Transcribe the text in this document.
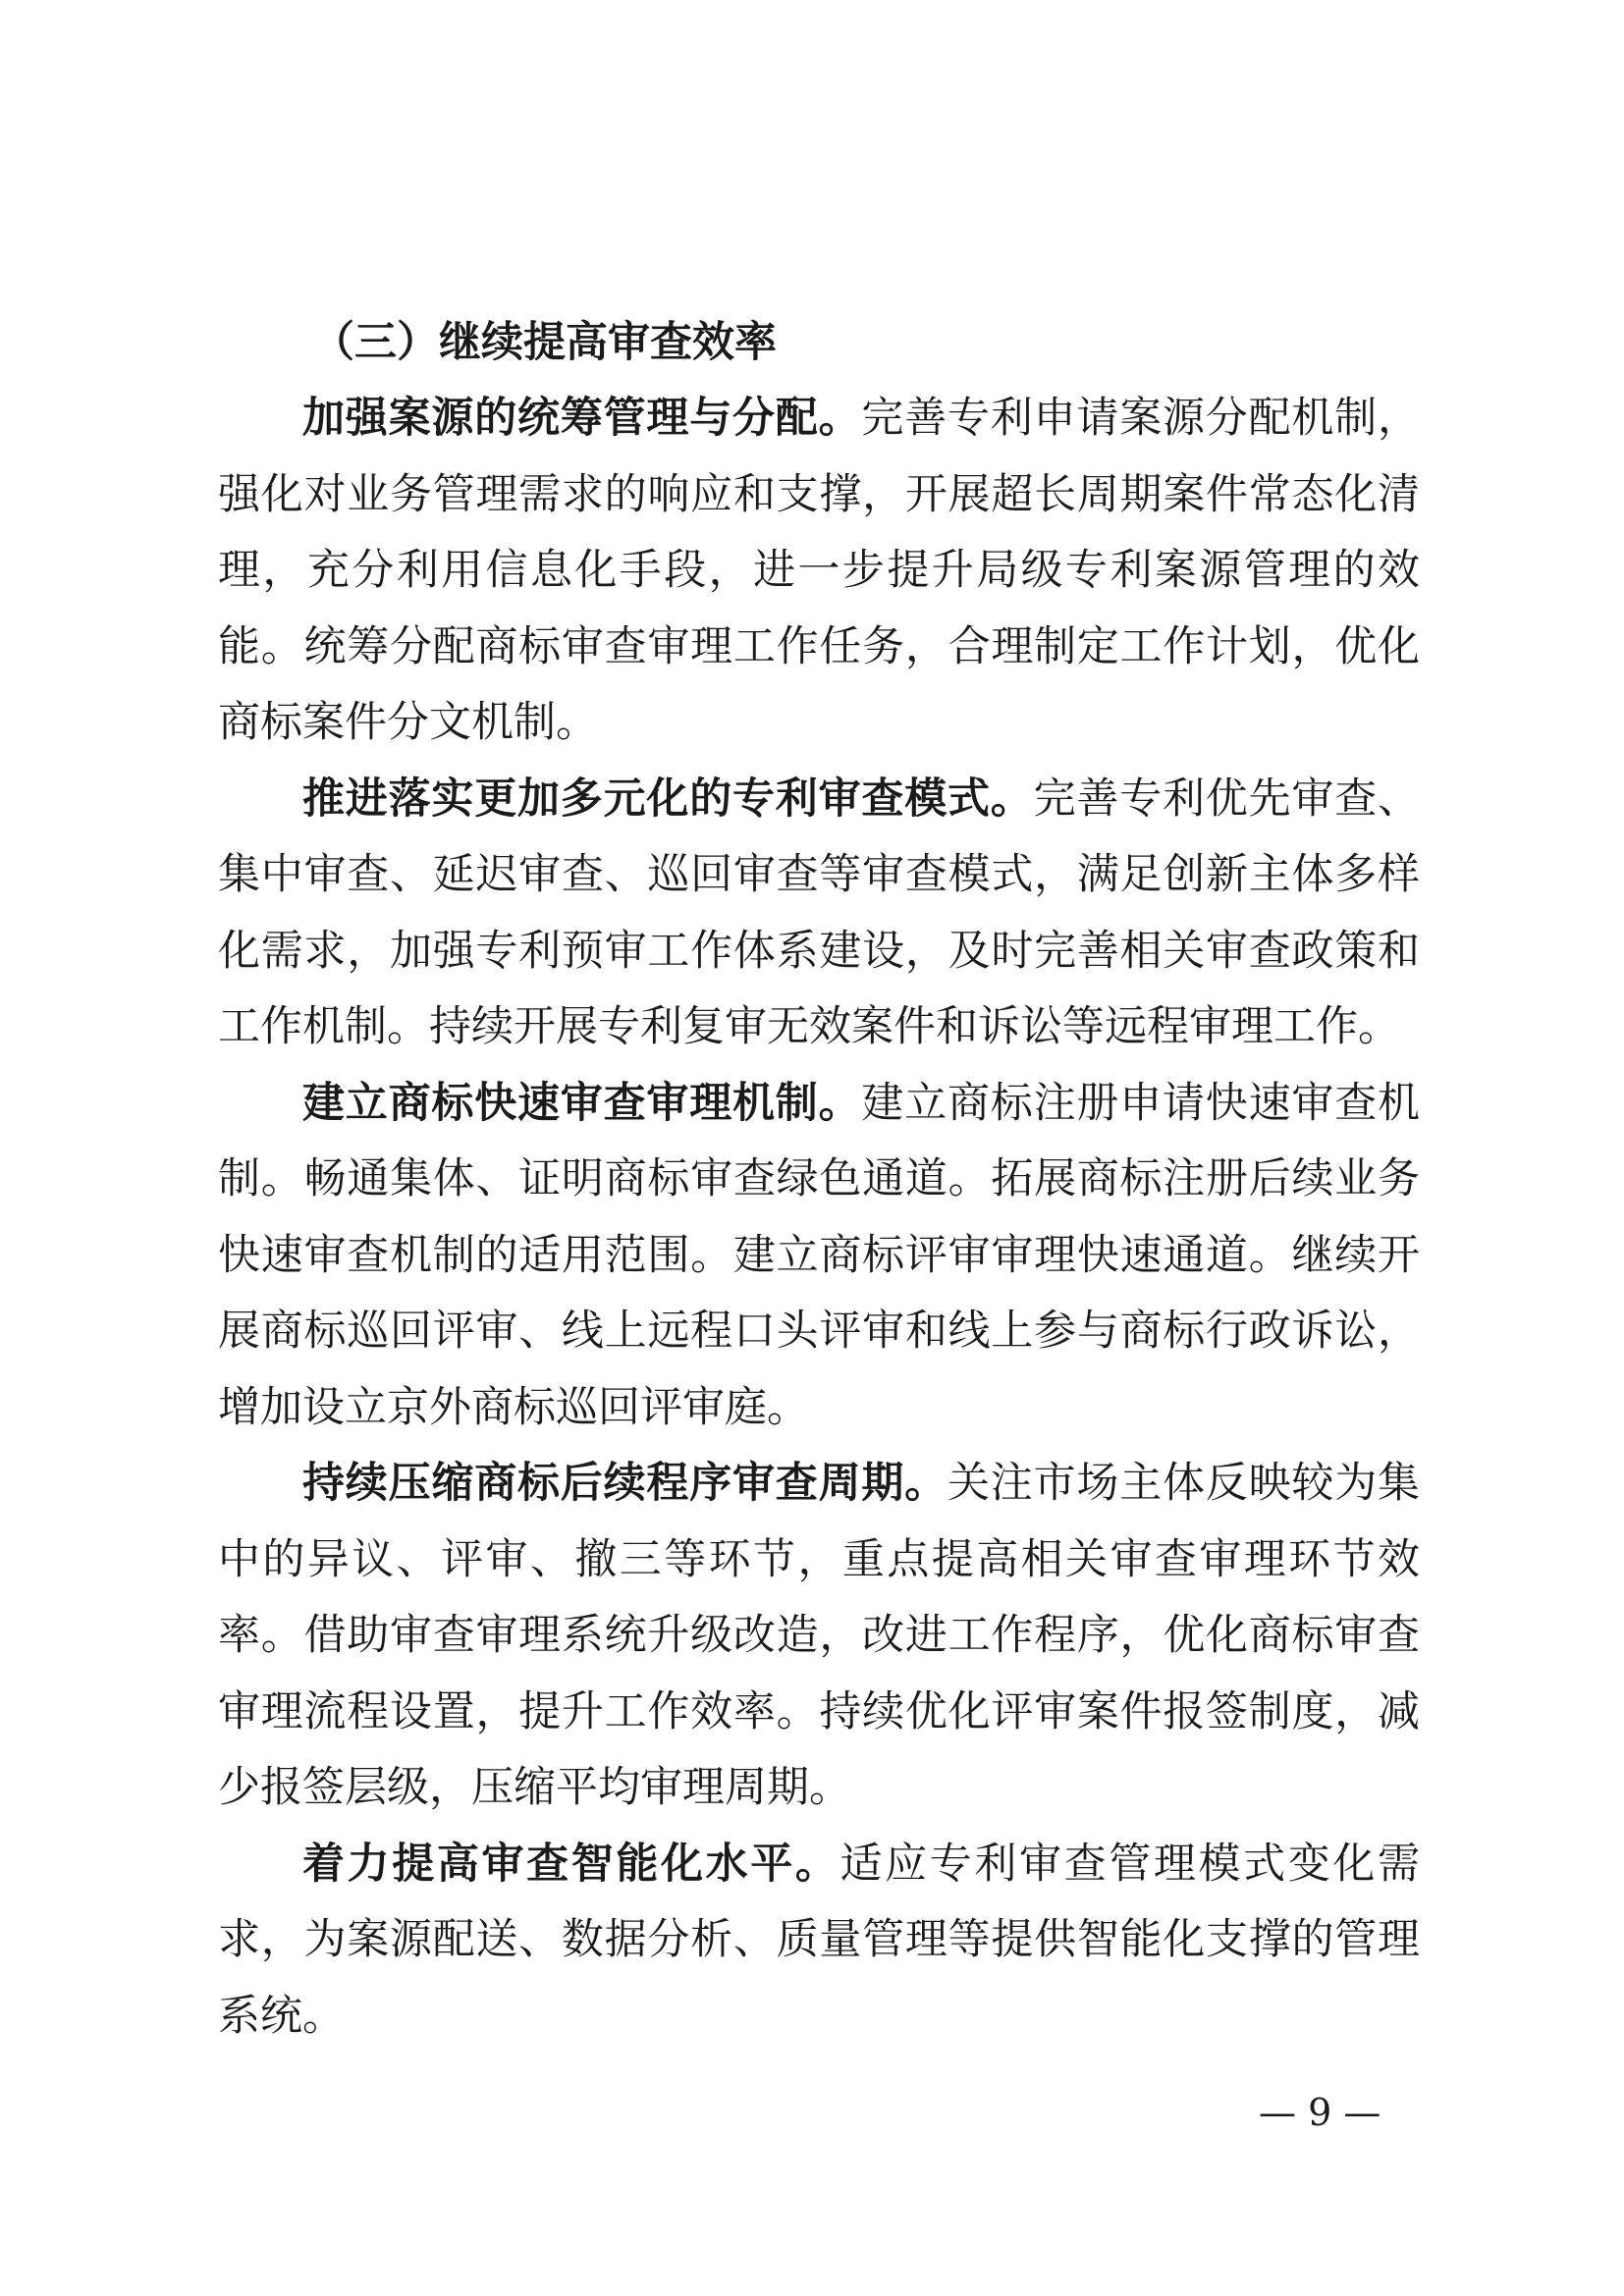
（三）继续提高审查效率

加强案源的统筹管理与分配。完善专利申请案源分配机制，强化对业务管理需求的响应和支撑，开展超长周期案件常态化清理，充分利用信息化手段，进一步提升局级专利案源管理的效能。统筹分配商标审查审理工作任务，合理制定工作计划，优化商标案件分文机制。

推进落实更加多元化的专利审查模式。完善专利优先审查、集中审查、延迟审查、巡回审查等审查模式，满足创新主体多样化需求，加强专利预审工作体系建设，及时完善相关审查政策和工作机制。持续开展专利复审无效案件和诉讼等远程审理工作。

建立商标快速审查审理机制。建立商标注册申请快速审查机制。畅通集体、证明商标审查绿色通道。拓展商标注册后续业务快速审查机制的适用范围。建立商标评审审理快速通道。继续开展商标巡回评审、线上远程口头评审和线上参与商标行政诉讼，增加设立京外商标巡回评审庭。

持续压缩商标后续程序审查周期。关注市场主体反映较为集中的异议、评审、撤三等环节，重点提高相关审查审理环节效率。借助审查审理系统升级改造，改进工作程序，优化商标审查审理流程设置，提升工作效率。持续优化评审案件报签制度，减少报签层级，压缩平均审理周期。

着力提高审查智能化水平。适应专利审查管理模式变化需求，为案源配送、数据分析、质量管理等提供智能化支撑的管理系统。

— 9 —
